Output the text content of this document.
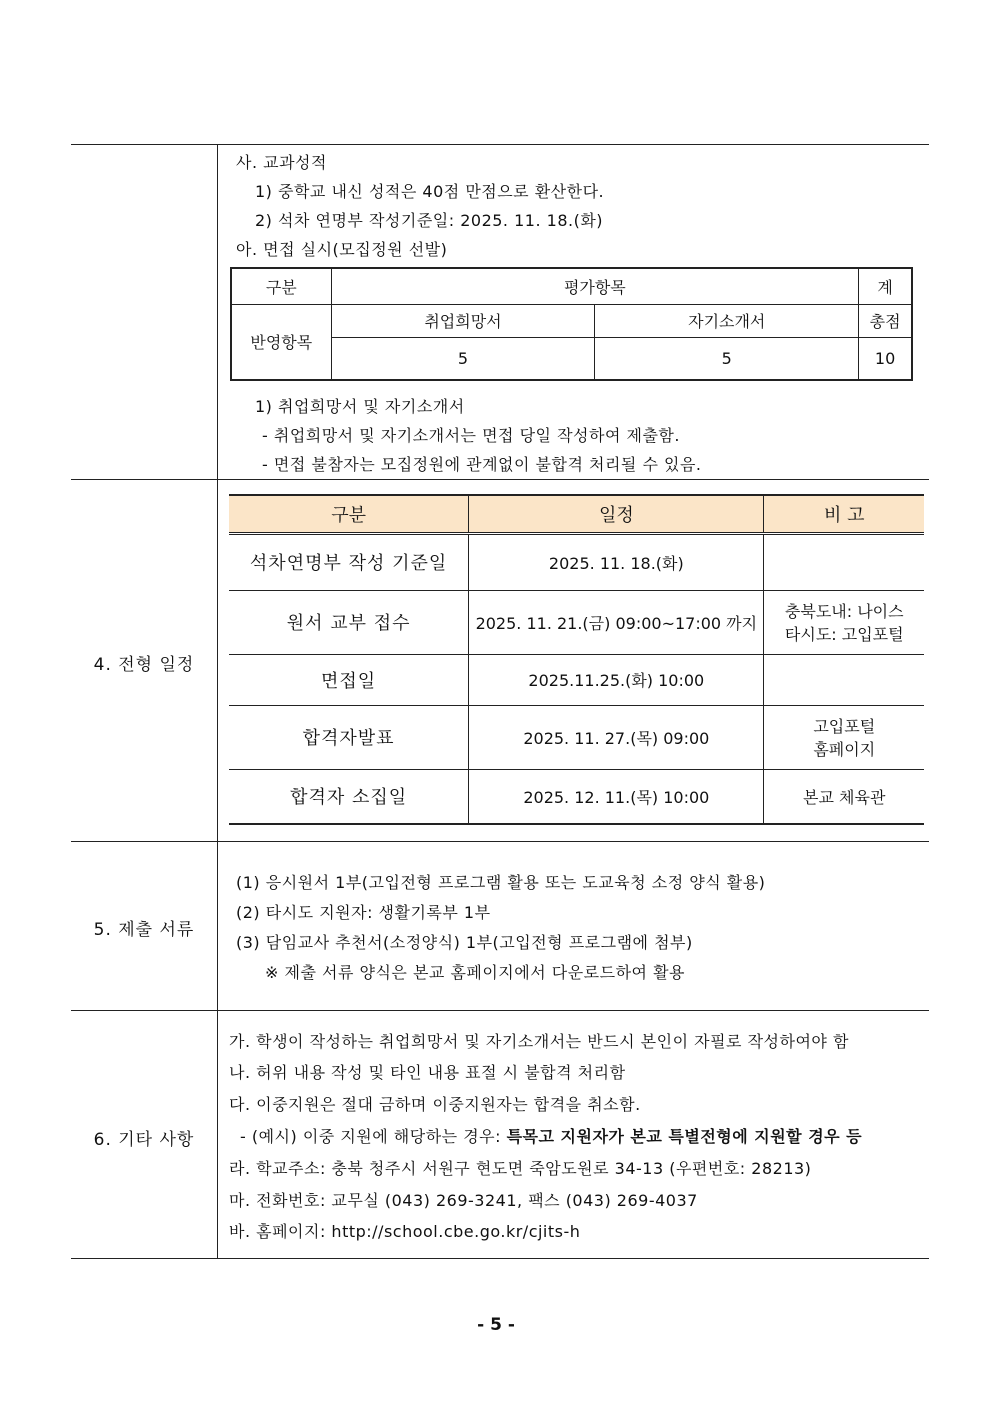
사. 교과성적
1) 중학교 내신 성적은 40점 만점으로 환산한다.
2) 석차 연명부 작성기준일: 2025. 11. 18.(화)
아. 면접 실시(모집정원 선발)
구분	평가항목		계
반영항목	취업희망서	자기소개서	총점
	5	5	10
1) 취업희망서 및 자기소개서
- 취업희망서 및 자기소개서는 면접 당일 작성하여 제출함.
- 면접 불참자는 모집정원에 관계없이 불합격 처리될 수 있음.
4. 전형 일정
구분	일정	비 고
석차연명부 작성 기준일	2025. 11. 18.(화)	
원서 교부 접수	2025. 11. 21.(금) 09:00~17:00 까지	충북도내: 나이스
타시도: 고입포털

면접일	2025.11.25.(화) 10:00	
합격자발표	2025. 11. 27.(목) 09:00	고입포털
홈페이지

합격자 소집일	2025. 12. 11.(목) 10:00	본교 체육관
5. 제출 서류
(1) 응시원서 1부(고입전형 프로그램 활용 또는 도교육청 소정 양식 활용)
(2) 타시도 지원자: 생활기록부 1부
(3) 담임교사 추천서(소정양식) 1부(고입전형 프로그램에 첨부)
※ 제출 서류 양식은 본교 홈페이지에서 다운로드하여 활용
6. 기타 사항
가. 학생이 작성하는 취업희망서 및 자기소개서는 반드시 본인이 자필로 작성하여야 함
나. 허위 내용 작성 및 타인 내용 표절 시 불합격 처리함
다. 이중지원은 절대 금하며 이중지원자는 합격을 취소함.
- (예시) 이중 지원에 해당하는 경우: 특목고 지원자가 본교 특별전형에 지원할 경우 등
라. 학교주소: 충북 청주시 서원구 현도면 죽암도원로 34-13 (우편번호: 28213)
마. 전화번호: 교무실 (043) 269-3241, 팩스 (043) 269-4037
바. 홈페이지: http://school.cbe.go.kr/cjits-h
- 5 -
